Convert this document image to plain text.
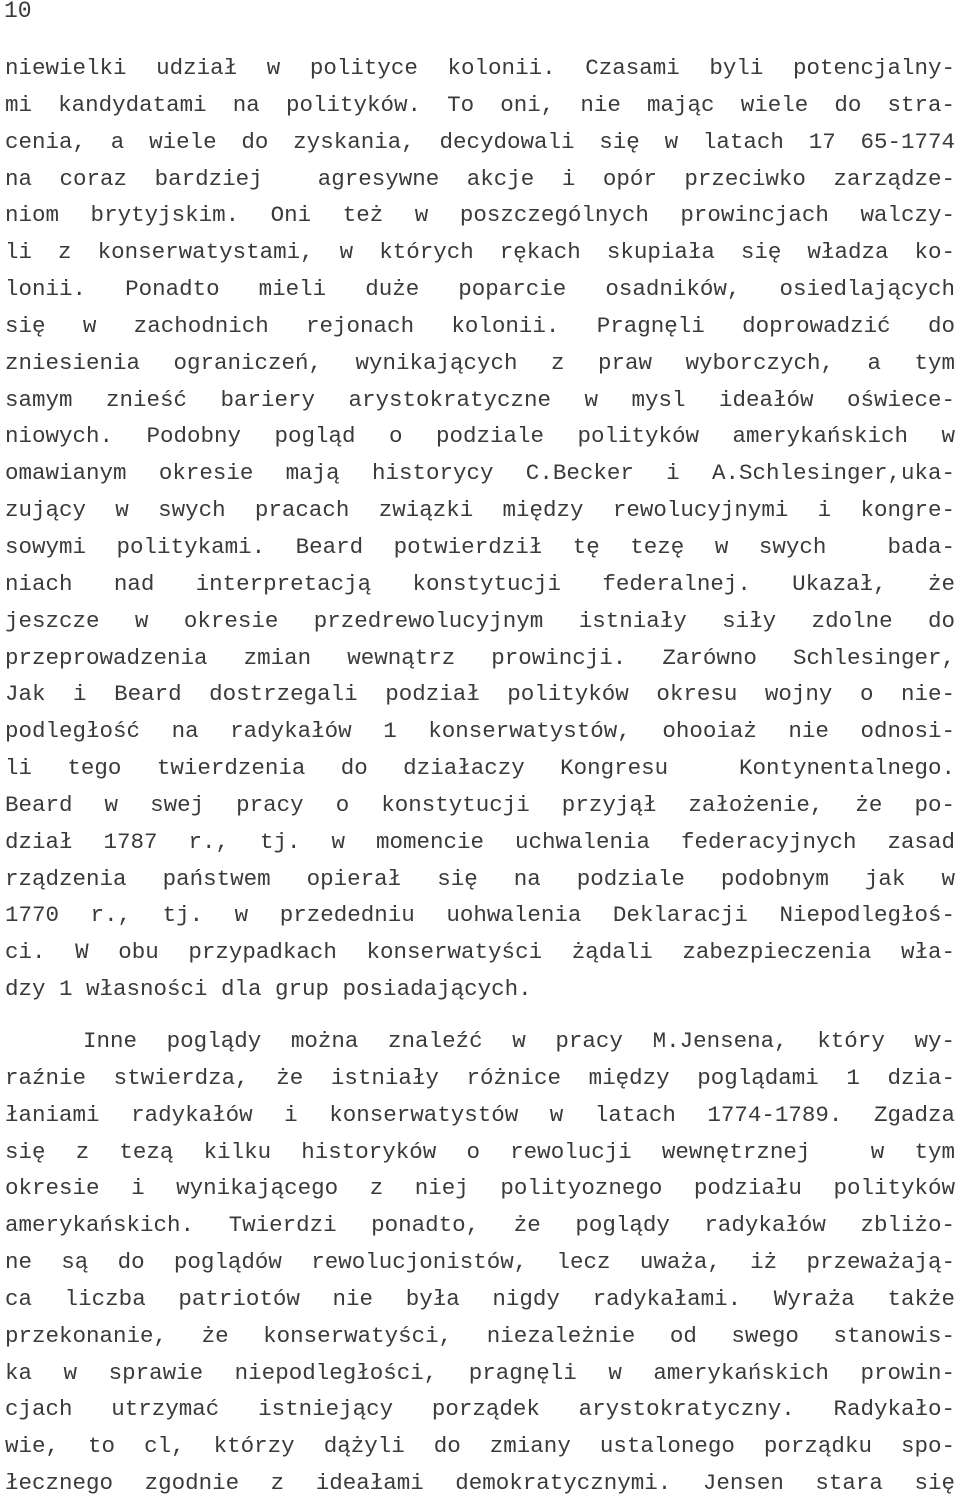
10
niewielki udział w polityce kolonii. Czasami byli potencjalny-
mi kandydatami na polityków. To oni, nie mając wiele do stra-
cenia, a wiele do zyskania, decydowali się w latach 17 65-1774
na coraz bardziej  agresywne akcje i opór przeciwko zarządze-
niom brytyjskim. Oni też w poszczególnych prowincjach walczy-
li z konserwatystami, w których rękach skupiała się władza ko-
lonii. Ponadto mieli duże poparcie osadników, osiedlających
się w zachodnich rejonach kolonii. Pragnęli doprowadzić do
zniesienia ograniczeń, wynikających z praw wyborczych, a tym
samym znieść bariery arystokratyczne w mysl ideałów oświece-
niowych. Podobny pogląd o podziale polityków amerykańskich w
omawianym okresie mają historycy C.Becker i A.Schlesinger,uka-
zujący w swych pracach związki między rewolucyjnymi i kongre-
sowymi politykami. Beard potwierdził tę tezę w swych  bada-
niach nad interpretacją konstytucji federalnej. Ukazał, że
jeszcze w okresie przedrewolucyjnym istniały siły zdolne do
przeprowadzenia zmian wewnątrz prowincji. Zarówno Schlesinger,
Jak i Beard dostrzegali podział polityków okresu wojny o nie-
podległość na radykałów 1 konserwatystów, ohooiaż nie odnosi-
li tego twierdzenia do działaczy Kongresu  Kontynentalnego.
Beard w swej pracy o konstytucji przyjął założenie, że po-
dział 1787 r., tj. w momencie uchwalenia federacyjnych zasad
rządzenia państwem opierał się na podziale podobnym jak w
1770 r., tj. w przededniu uohwalenia Deklaracji Niepodległoś-
ci. W obu przypadkach konserwatyści żądali zabezpieczenia wła-
dzy 1 własności dla grup posiadających.
Inne poglądy można znaleźć w pracy M.Jensena, który wy-
raźnie stwierdza, że istniały różnice między poglądami 1 dzia-
łaniami radykałów i konserwatystów w latach 1774-1789. Zgadza
się z tezą kilku historyków o rewolucji wewnętrznej  w tym
okresie i wynikającego z niej polityoznego podziału polityków
amerykańskich. Twierdzi ponadto, że poglądy radykałów zbliżo-
ne są do poglądów rewolucjonistów, lecz uważa, iż przeważają-
ca liczba patriotów nie była nigdy radykałami. Wyraża także
przekonanie, że konserwatyści, niezależnie od swego stanowis-
ka w sprawie niepodległości, pragnęli w amerykańskich prowin-
cjach utrzymać istniejący porządek arystokratyczny. Radykało-
wie, to cl, którzy dążyli do zmiany ustalonego porządku spo-
łecznego zgodnie z ideałami demokratycznymi. Jensen stara się
